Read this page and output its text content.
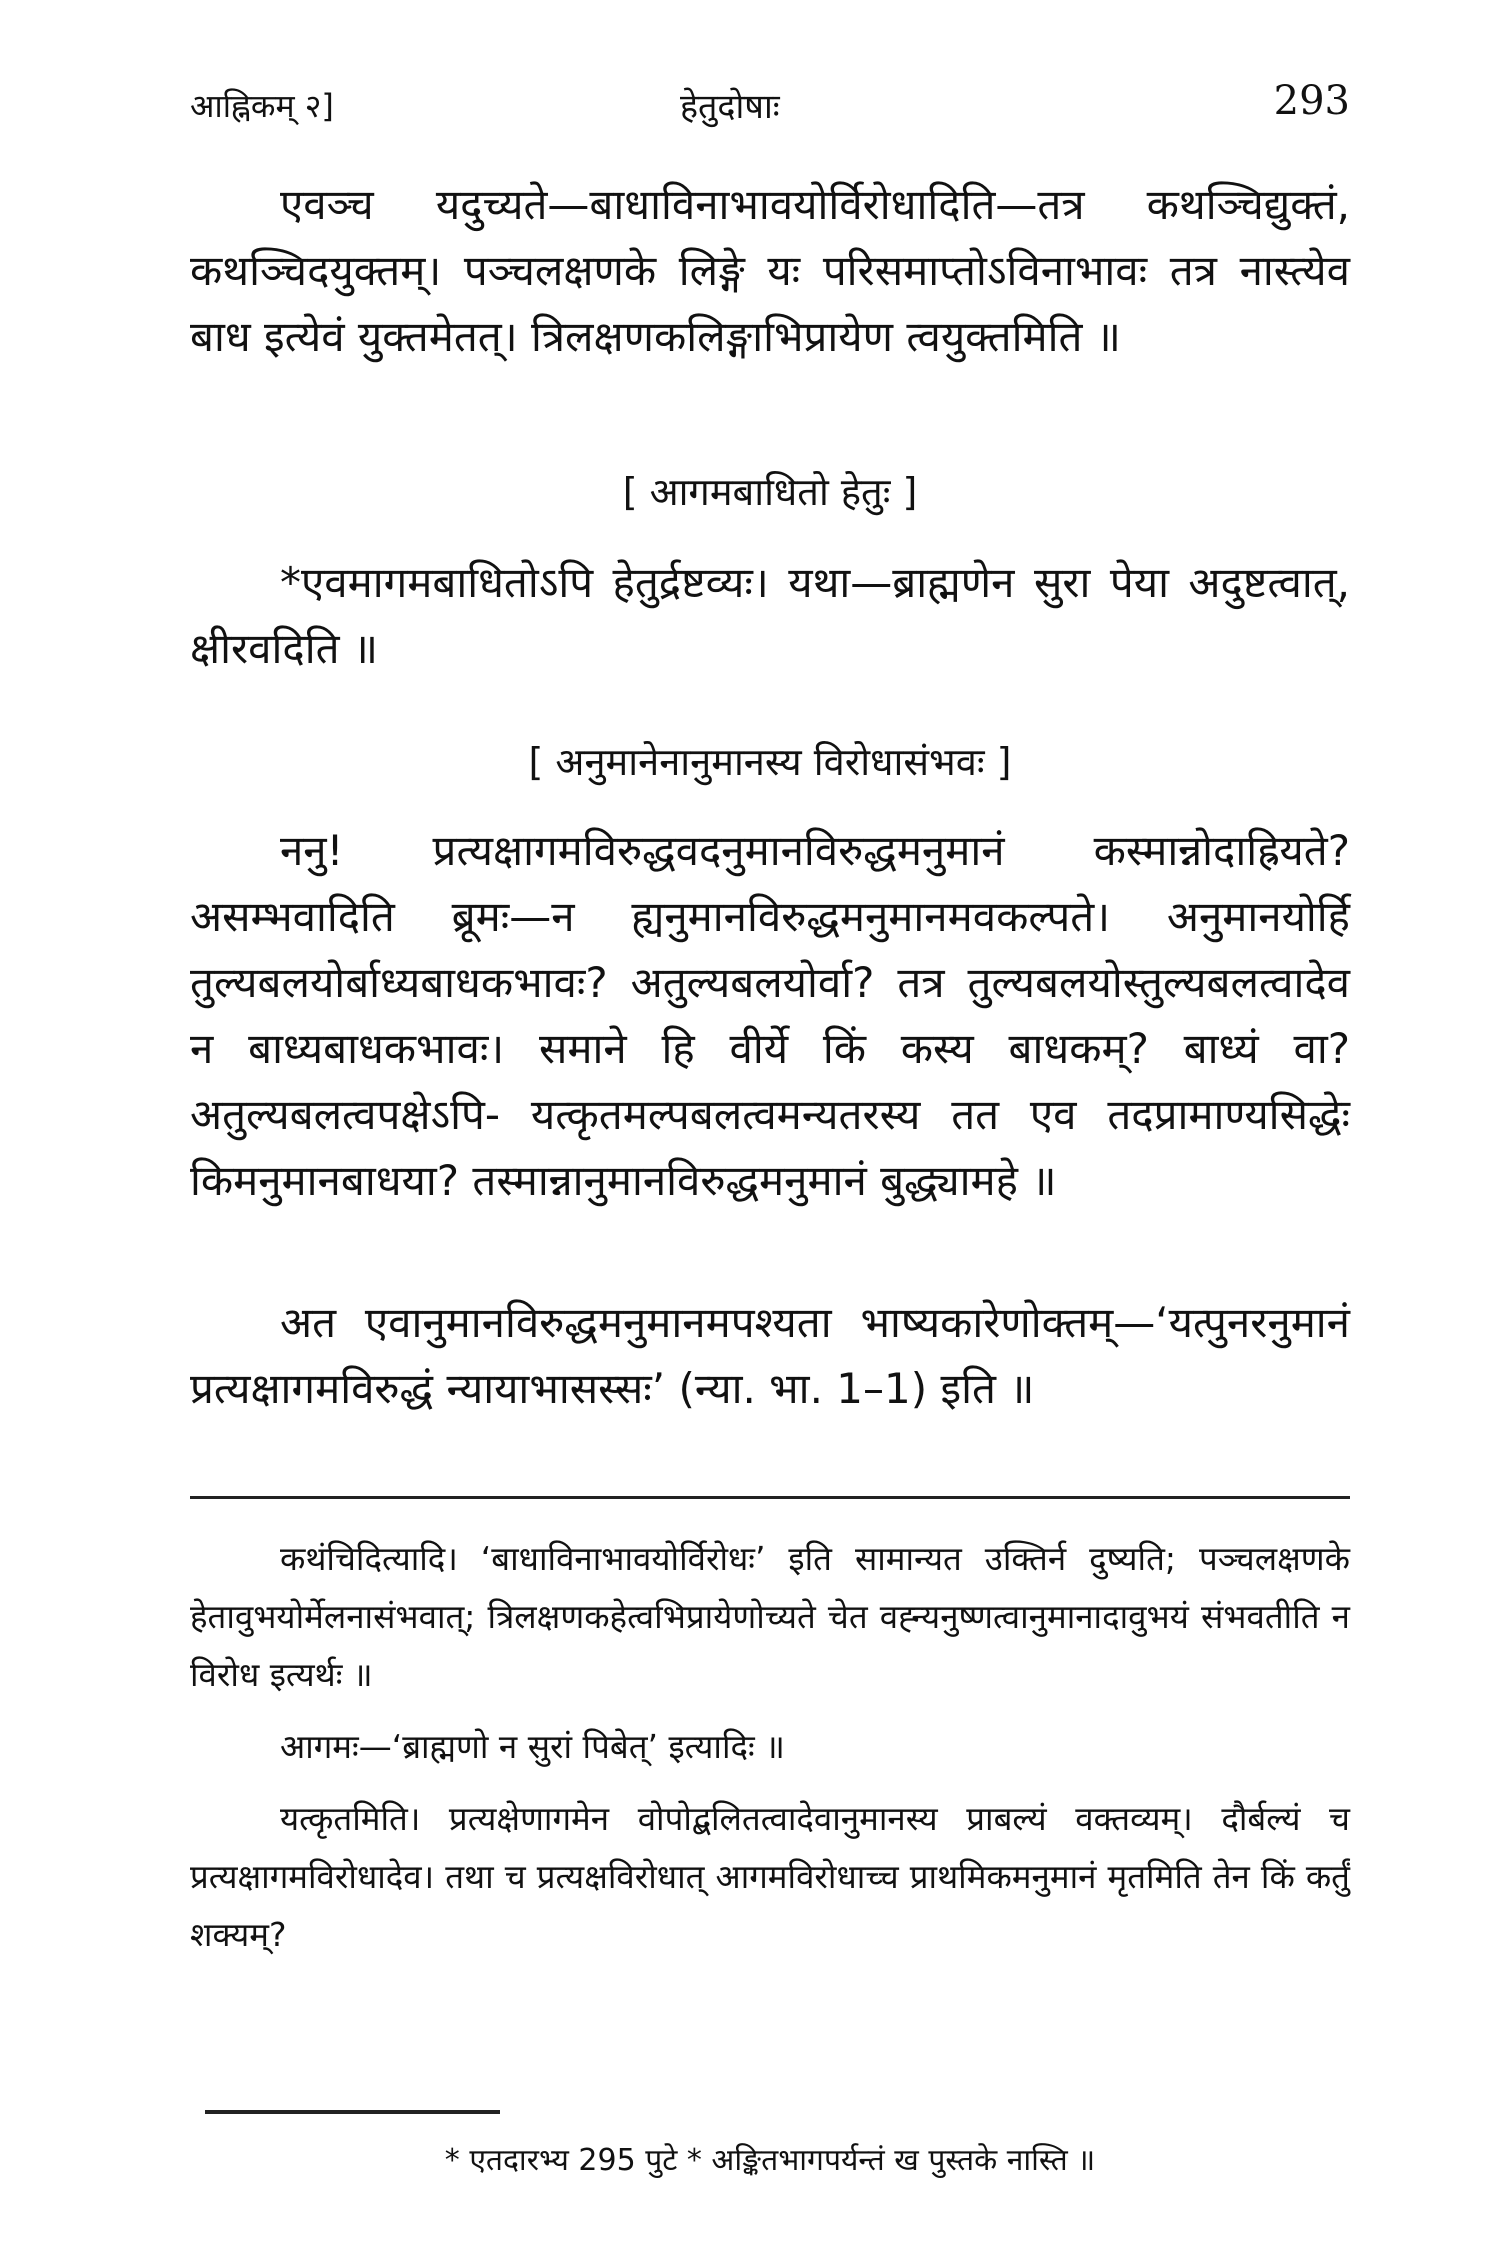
आह्निकम् २]	हेतुदोषाः	293

एवञ्च यदुच्यते—बाधाविनाभावयोर्विरोधादिति—तत्र कथञ्चिद्युक्तं, कथञ्चिदयुक्तम्। पञ्चलक्षणके लिङ्गे यः परिसमाप्तोऽविनाभावः तत्र नास्त्येव बाध इत्येवं युक्तमेतत्। त्रिलक्षणकलिङ्गाभिप्रायेण त्वयुक्तमिति ॥

[ आगमबाधितो हेतुः ]

*एवमागमबाधितोऽपि हेतुर्द्रष्टव्यः। यथा—ब्राह्मणेन सुरा पेया अदुष्टत्वात्, क्षीरवदिति ॥

[ अनुमानेनानुमानस्य विरोधासंभवः ]

ननु! प्रत्यक्षागमविरुद्धवदनुमानविरुद्धमनुमानं कस्मान्नोदाह्रियते? असम्भवादिति ब्रूमः—न ह्यनुमानविरुद्धमनुमानमवकल्पते। अनुमानयोर्हि तुल्यबलयोर्बाध्यबाधकभावः? अतुल्यबलयोर्वा? तत्र तुल्यबलयोस्तुल्यबलत्वादेव न बाध्यबाधकभावः। समाने हि वीर्ये किं कस्य बाधकम्? बाध्यं वा? अतुल्यबलत्वपक्षेऽपि- यत्कृतमल्पबलत्वमन्यतरस्य तत एव तदप्रामाण्यसिद्धेः किमनुमानबाधया? तस्मान्नानुमानविरुद्धमनुमानं बुद्ध्यामहे ॥

अत एवानुमानविरुद्धमनुमानमपश्यता भाष्यकारेणोक्तम्—‘यत्पुनरनुमानं प्रत्यक्षागमविरुद्धं न्यायाभासस्सः’ (न्या. भा. 1–1) इति ॥

कथंचिदित्यादि। ‘बाधाविनाभावयोर्विरोधः’ इति सामान्यत उक्तिर्न दुष्यति; पञ्चलक्षणके हेतावुभयोर्मेलनासंभवात्; त्रिलक्षणकहेत्वभिप्रायेणोच्यते चेत वह्न्यनुष्णत्वानुमानादावुभयं संभवतीति न विरोध इत्यर्थः ॥

आगमः—‘ब्राह्मणो न सुरां पिबेत्’ इत्यादिः ॥

यत्कृतमिति। प्रत्यक्षेणागमेन वोपोद्बलितत्वादेवानुमानस्य प्राबल्यं वक्तव्यम्। दौर्बल्यं च प्रत्यक्षागमविरोधादेव। तथा च प्रत्यक्षविरोधात् आगमविरोधाच्च प्राथमिकमनुमानं मृतमिति तेन किं कर्तुं शक्यम्?

* एतदारभ्य 295 पुटे * अङ्कितभागपर्यन्तं ख पुस्तके नास्ति ॥
